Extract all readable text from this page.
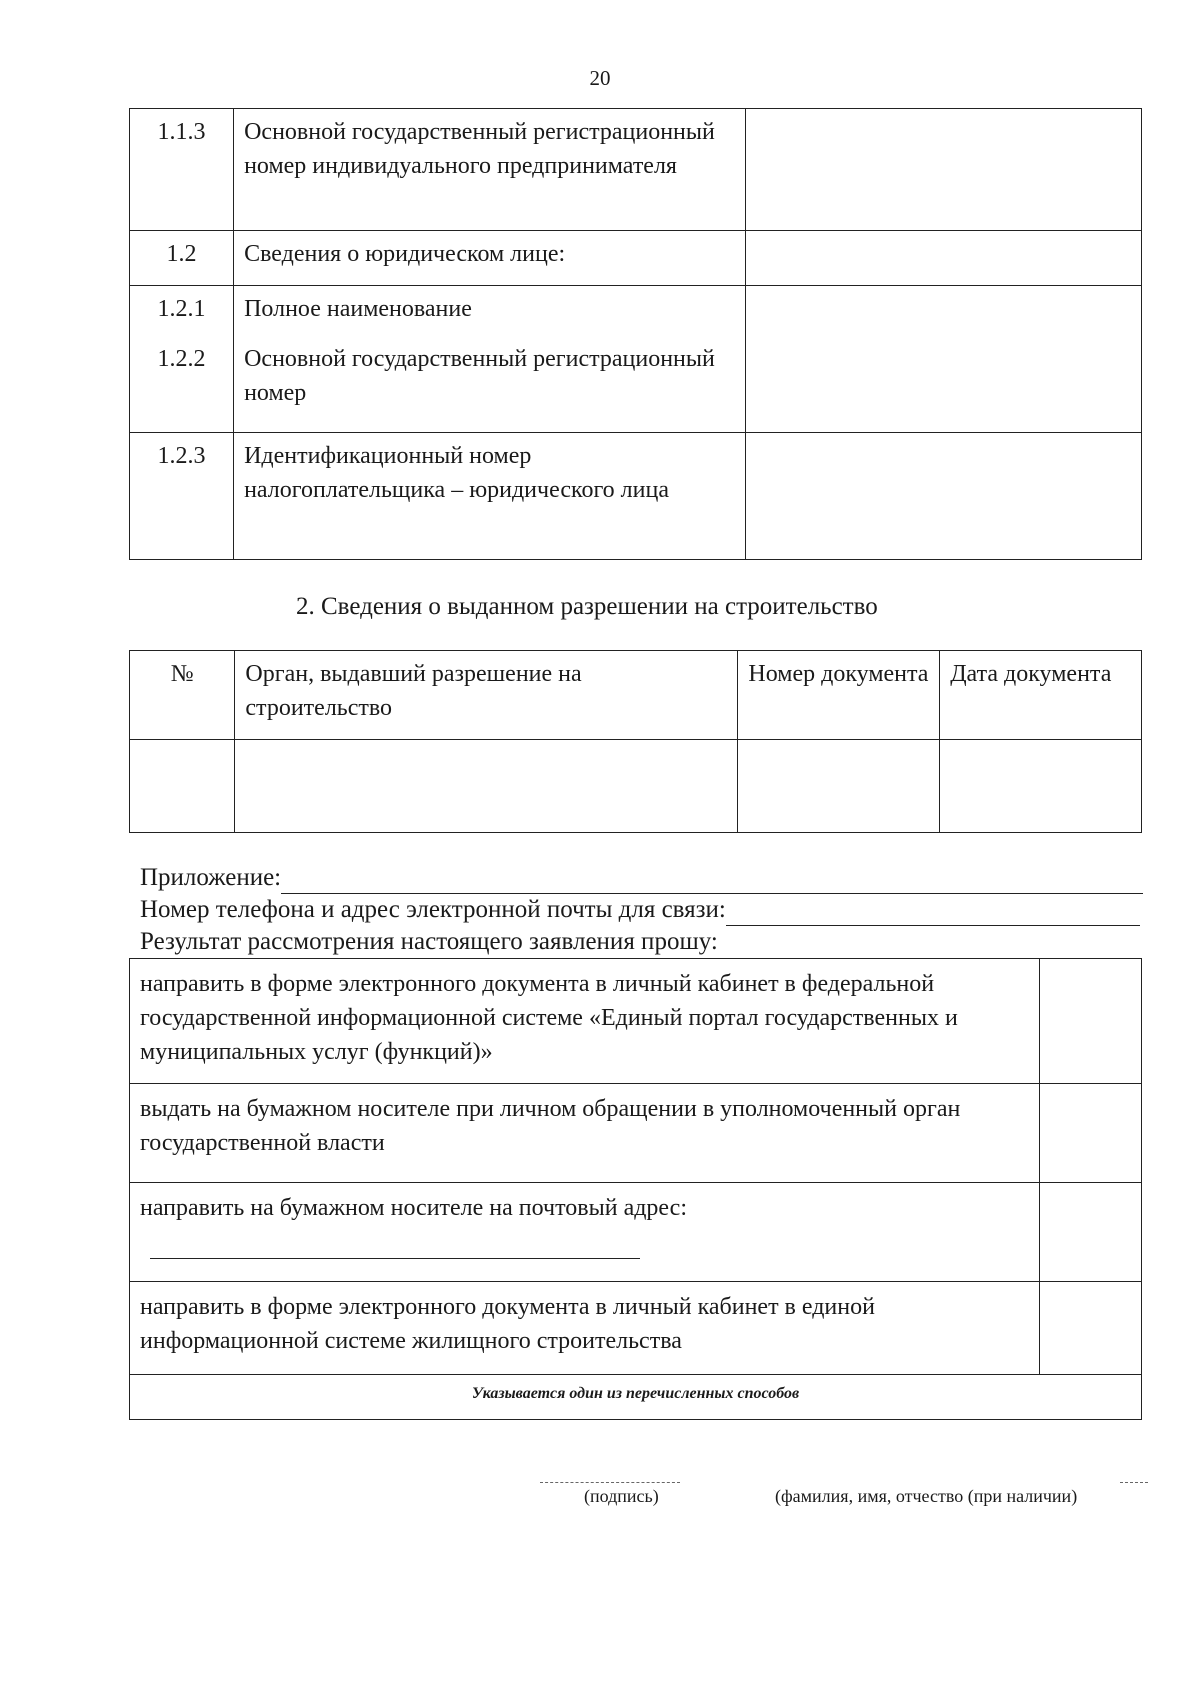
20
1.1.3	Основной государственный регистрационный номер индивидуального предпринимателя	
1.2	Сведения о юридическом лице:	
1.2.1	Полное наименование	
1.2.2	Основной государственный регистрационный номер	
1.2.3	Идентификационный номер налогоплательщика – юридического лица	
2. Сведения о выданном разрешении на строительство
№	Орган, выдавший разрешение на строительство	Номер документа	Дата документа

Приложение:
Номер телефона и адрес электронной почты для связи:
Результат рассмотрения настоящего заявления прошу:
направить в форме электронного документа в личный кабинет в федеральной государственной информационной системе «Единый портал государственных и муниципальных услуг (функций)»	
выдать на бумажном носителе при личном обращении в уполномоченный орган государственной власти	
направить на бумажном носителе на почтовый адрес:	
направить в форме электронного документа в личный кабинет в единой информационной системе жилищного строительства	
Указывается один из перечисленных способов	
(подпись)	(фамилия, имя, отчество (при наличии)
